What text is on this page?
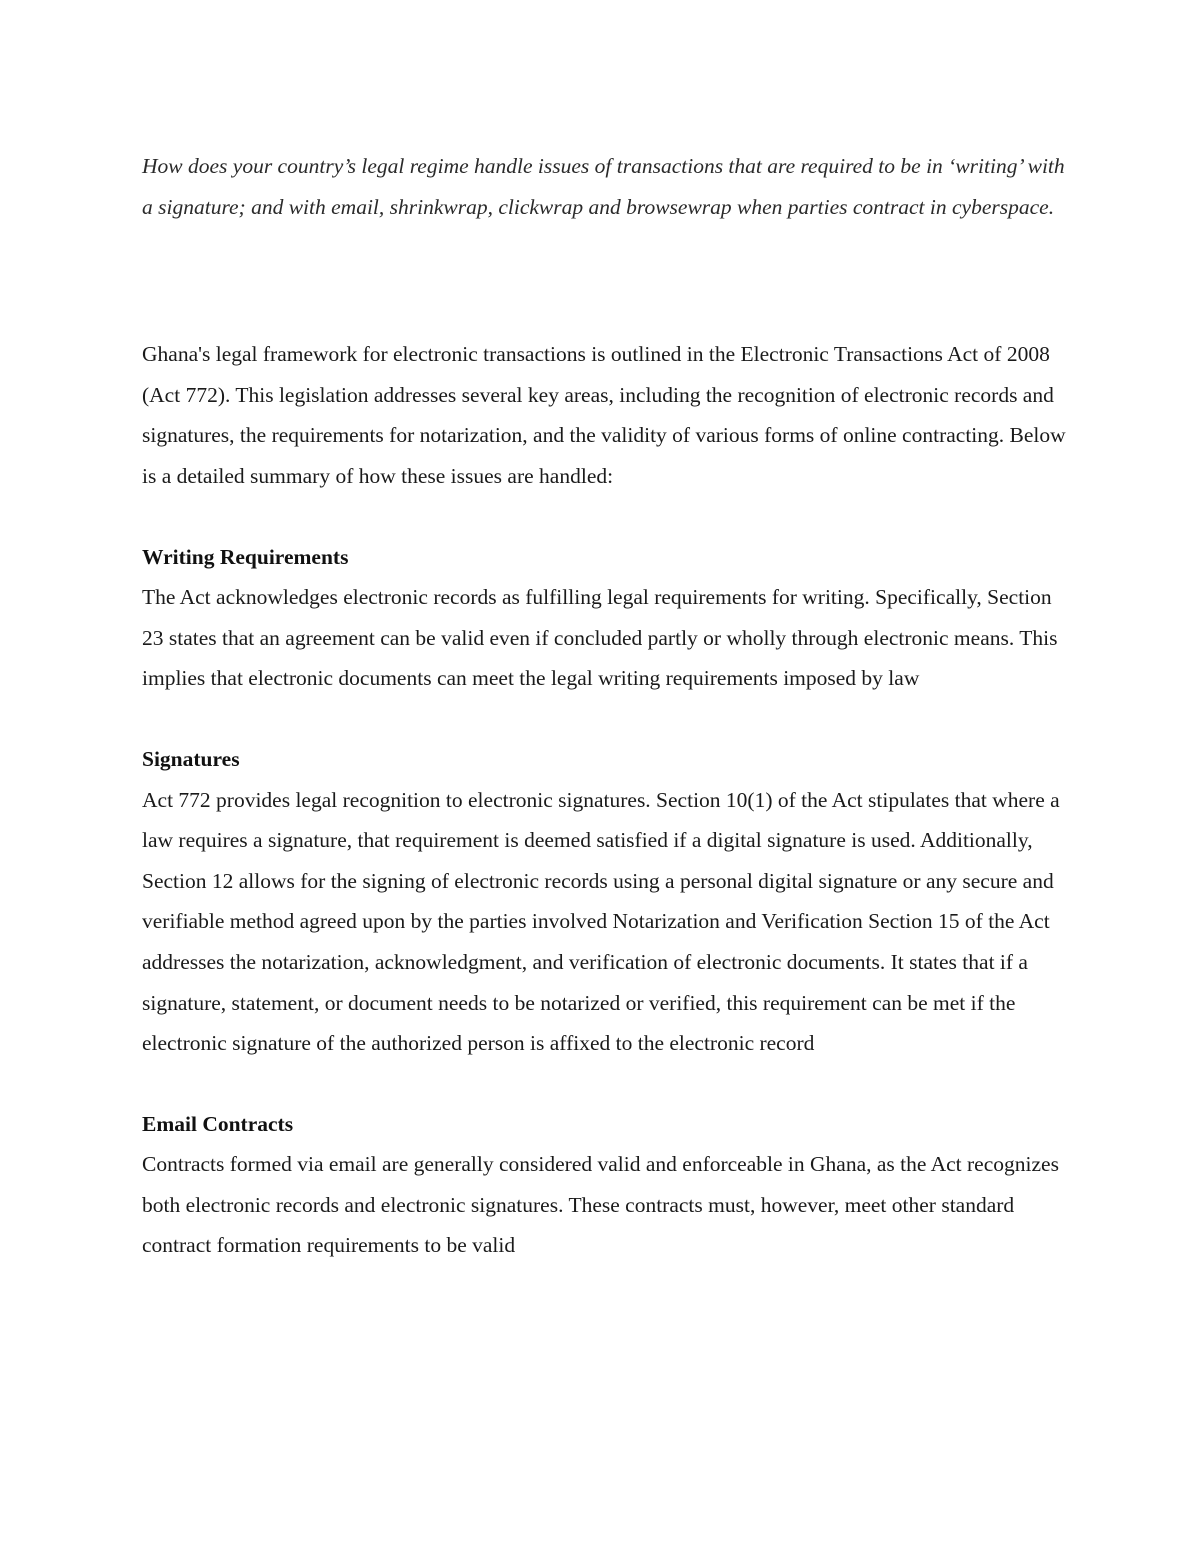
How does your country’s legal regime handle issues of transactions that are required to be in ‘writing’ with a signature; and with email, shrinkwrap, clickwrap and browsewrap when parties contract in cyberspace.

Ghana's legal framework for electronic transactions is outlined in the Electronic Transactions Act of 2008 (Act 772). This legislation addresses several key areas, including the recognition of electronic records and signatures, the requirements for notarization, and the validity of various forms of online contracting. Below is a detailed summary of how these issues are handled:

Writing Requirements

The Act acknowledges electronic records as fulfilling legal requirements for writing. Specifically, Section 23 states that an agreement can be valid even if concluded partly or wholly through electronic means. This implies that electronic documents can meet the legal writing requirements imposed by law

Signatures

Act 772 provides legal recognition to electronic signatures. Section 10(1) of the Act stipulates that where a law requires a signature, that requirement is deemed satisfied if a digital signature is used. Additionally, Section 12 allows for the signing of electronic records using a personal digital signature or any secure and verifiable method agreed upon by the parties involved Notarization and Verification Section 15 of the Act addresses the notarization, acknowledgment, and verification of electronic documents. It states that if a signature, statement, or document needs to be notarized or verified, this requirement can be met if the electronic signature of the authorized person is affixed to the electronic record

Email Contracts

Contracts formed via email are generally considered valid and enforceable in Ghana, as the Act recognizes both electronic records and electronic signatures. These contracts must, however, meet other standard contract formation requirements to be valid
